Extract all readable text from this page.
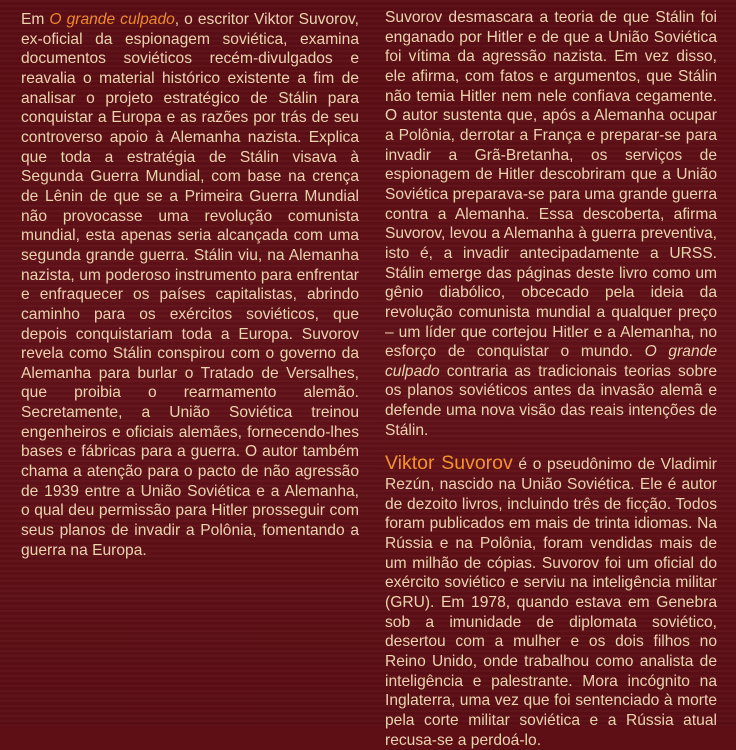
Em O grande culpado, o escritor Viktor Suvorov, ex-oficial da espionagem soviética, examina documentos soviéticos recém-divulgados e reavalia o material histórico existente a fim de analisar o projeto estratégico de Stálin para conquistar a Europa e as razões por trás de seu controverso apoio à Alemanha nazista. Explica que toda a estratégia de Stálin visava à Segunda Guerra Mundial, com base na crença de Lênin de que se a Primeira Guerra Mundial não provocasse uma revolução comunista mundial, esta apenas seria alcançada com uma segunda grande guerra. Stálin viu, na Alemanha nazista, um poderoso instrumento para enfrentar e enfraquecer os países capitalistas, abrindo caminho para os exércitos soviéticos, que depois conquistariam toda a Europa. Suvorov revela como Stálin conspirou com o governo da Alemanha para burlar o Tratado de Versalhes, que proibia o rearmamento alemão. Secretamente, a União Soviética treinou engenheiros e oficiais alemães, fornecendo-lhes bases e fábricas para a guerra. O autor também chama a atenção para o pacto de não agressão de 1939 entre a União Soviética e a Alemanha, o qual deu permissão para Hitler prosseguir com seus planos de invadir a Polônia, fomentando a guerra na Europa.

Suvorov desmascara a teoria de que Stálin foi enganado por Hitler e de que a União Soviética foi vítima da agressão nazista. Em vez disso, ele afirma, com fatos e argumentos, que Stálin não temia Hitler nem nele confiava cegamente. O autor sustenta que, após a Alemanha ocupar a Polônia, derrotar a França e preparar-se para invadir a Grã-Bretanha, os serviços de espionagem de Hitler descobriram que a União Soviética preparava-se para uma grande guerra contra a Alemanha. Essa descoberta, afirma Suvorov, levou a Alemanha à guerra preventiva, isto é, a invadir antecipadamente a URSS. Stálin emerge das páginas deste livro como um gênio diabólico, obcecado pela ideia da revolução comunista mundial a qualquer preço – um líder que cortejou Hitler e a Alemanha, no esforço de conquistar o mundo. O grande culpado contraria as tradicionais teorias sobre os planos soviéticos antes da invasão alemã e defende uma nova visão das reais intenções de Stálin.

Viktor Suvorov é o pseudônimo de Vladimir Rezún, nascido na União Soviética. Ele é autor de dezoito livros, incluindo três de ficção. Todos foram publicados em mais de trinta idiomas. Na Rússia e na Polônia, foram vendidas mais de um milhão de cópias. Suvorov foi um oficial do exército soviético e serviu na inteligência militar (GRU). Em 1978, quando estava em Genebra sob a imunidade de diplomata soviético, desertou com a mulher e os dois filhos no Reino Unido, onde trabalhou como analista de inteligência e palestrante. Mora incógnito na Inglaterra, uma vez que foi sentenciado à morte pela corte militar soviética e a Rússia atual recusa-se a perdoá-lo.
